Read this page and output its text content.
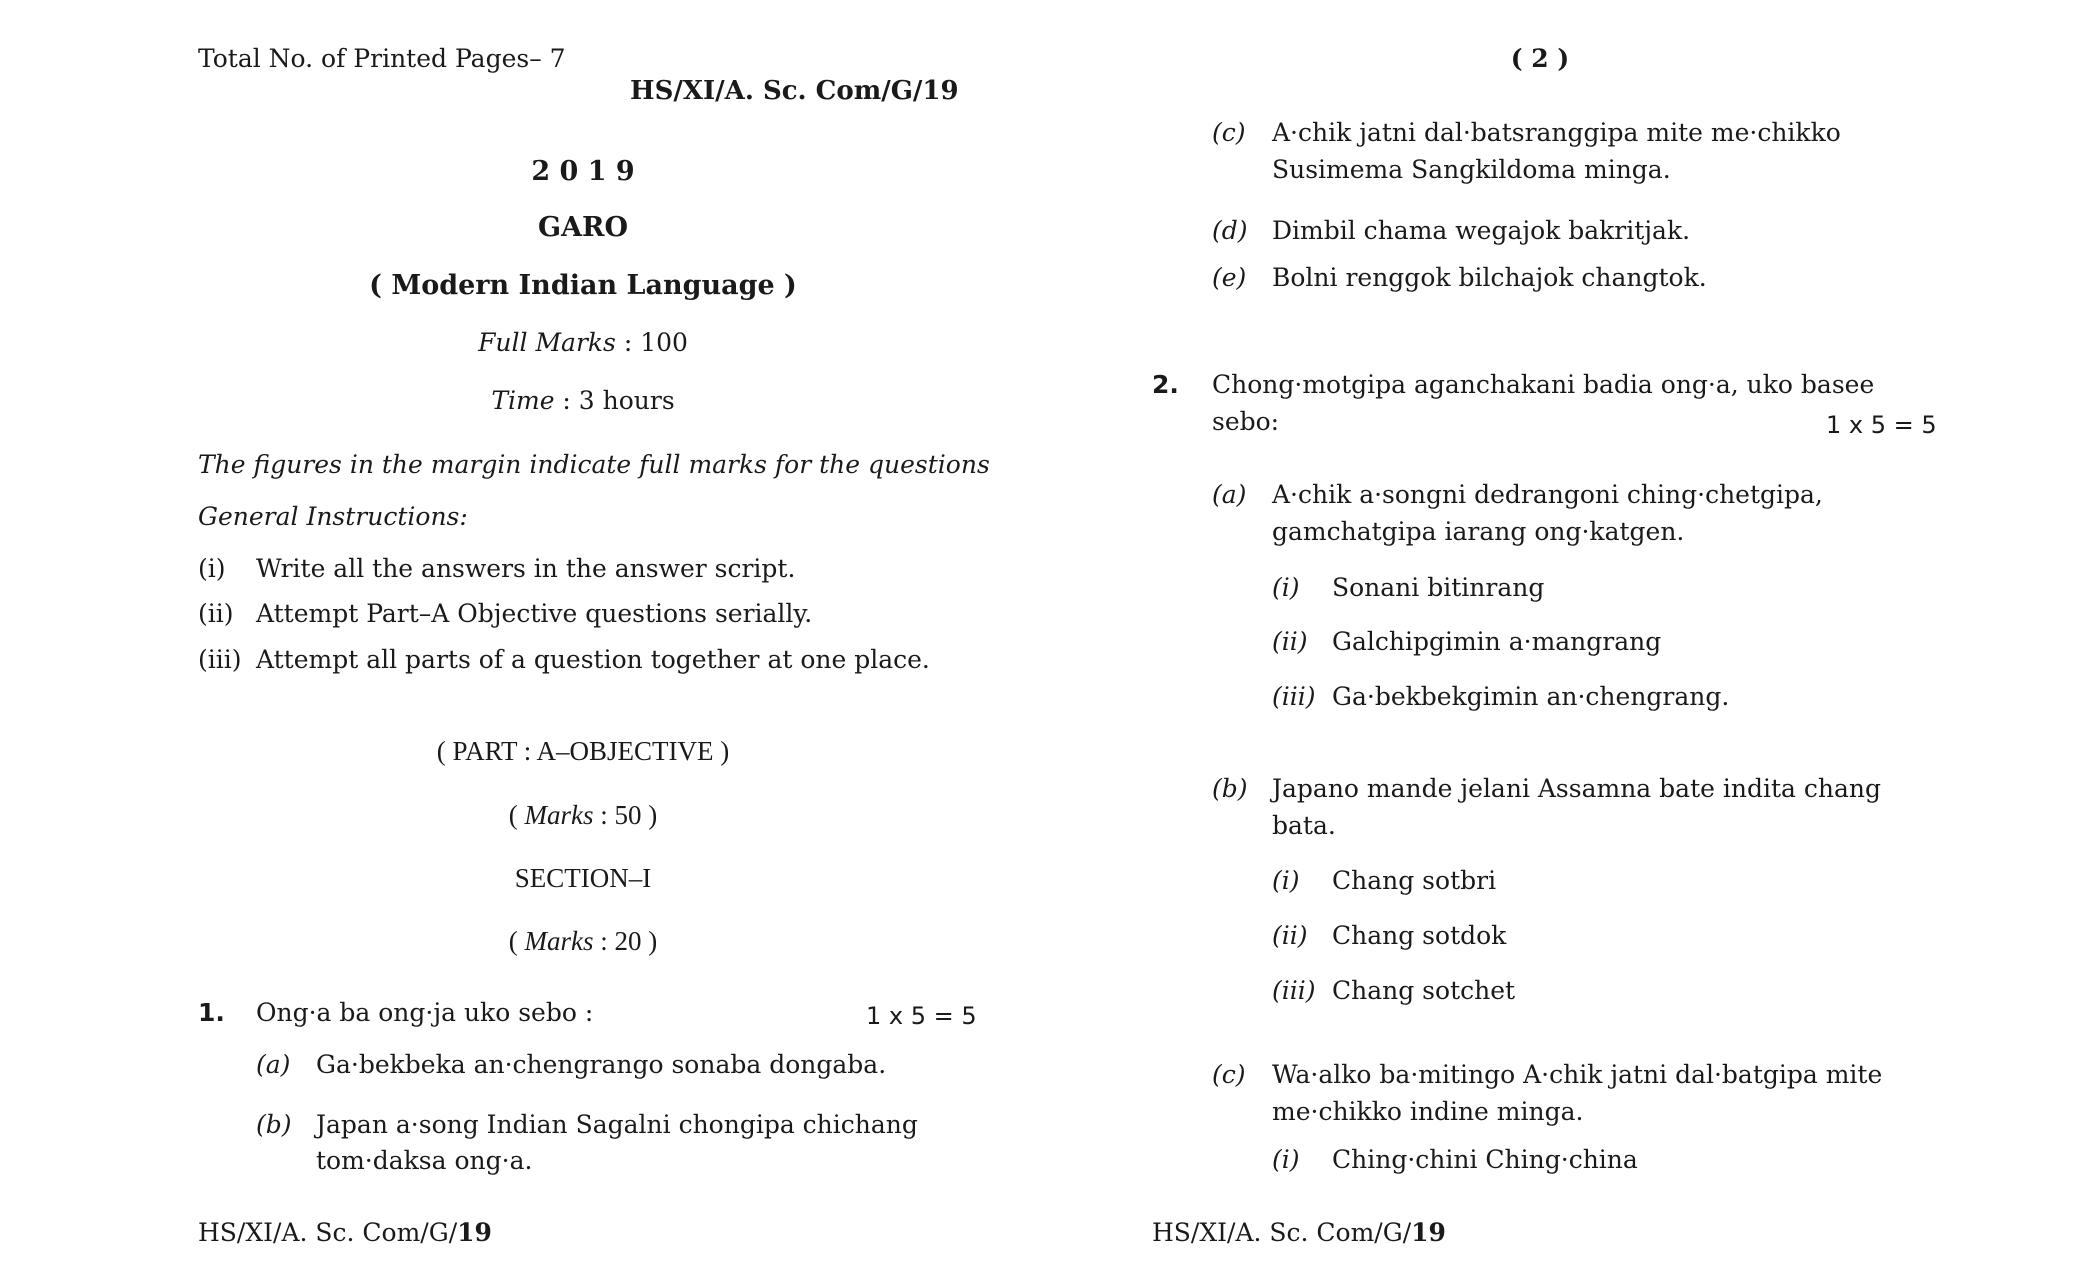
Total No. of Printed Pages– 7
HS/XI/A. Sc. Com/G/19
2 0 1 9
GARO
( Modern Indian Language )
Full Marks : 100
Time : 3 hours
The figures in the margin indicate full marks for the questions
General Instructions:
(i) Write all the answers in the answer script.
(ii) Attempt Part–A Objective questions serially.
(iii) Attempt all parts of a question together at one place.
( PART : A–OBJECTIVE )
( Marks : 50 )
SECTION–I
( Marks : 20 )
1. Ong·a ba ong·ja uko sebo :	1 x 5 = 5
(a) Ga·bekbeka an·chengrango sonaba dongaba.
(b) Japan a·song Indian Sagalni chongipa chichang
tom·daksa ong·a.
HS/XI/A. Sc. Com/G/19
( 2 )
(c) A·chik jatni dal·batsranggipa mite me·chikko
Susimema Sangkildoma minga.
(d) Dimbil chama wegajok bakritjak.
(e) Bolni renggok bilchajok changtok.
2. Chong·motgipa aganchakani badia ong·a, uko basee
sebo:	1 x 5 = 5
(a) A·chik a·songni dedrangoni ching·chetgipa,
gamchatgipa iarang ong·katgen.
(i) Sonani bitinrang
(ii) Galchipgimin a·mangrang
(iii) Ga·bekbekgimin an·chengrang.
(b) Japano mande jelani Assamna bate indita chang
bata.
(i) Chang sotbri
(ii) Chang sotdok
(iii) Chang sotchet
(c) Wa·alko ba·mitingo A·chik jatni dal·batgipa mite
me·chikko indine minga.
(i) Ching·chini Ching·china
HS/XI/A. Sc. Com/G/19
